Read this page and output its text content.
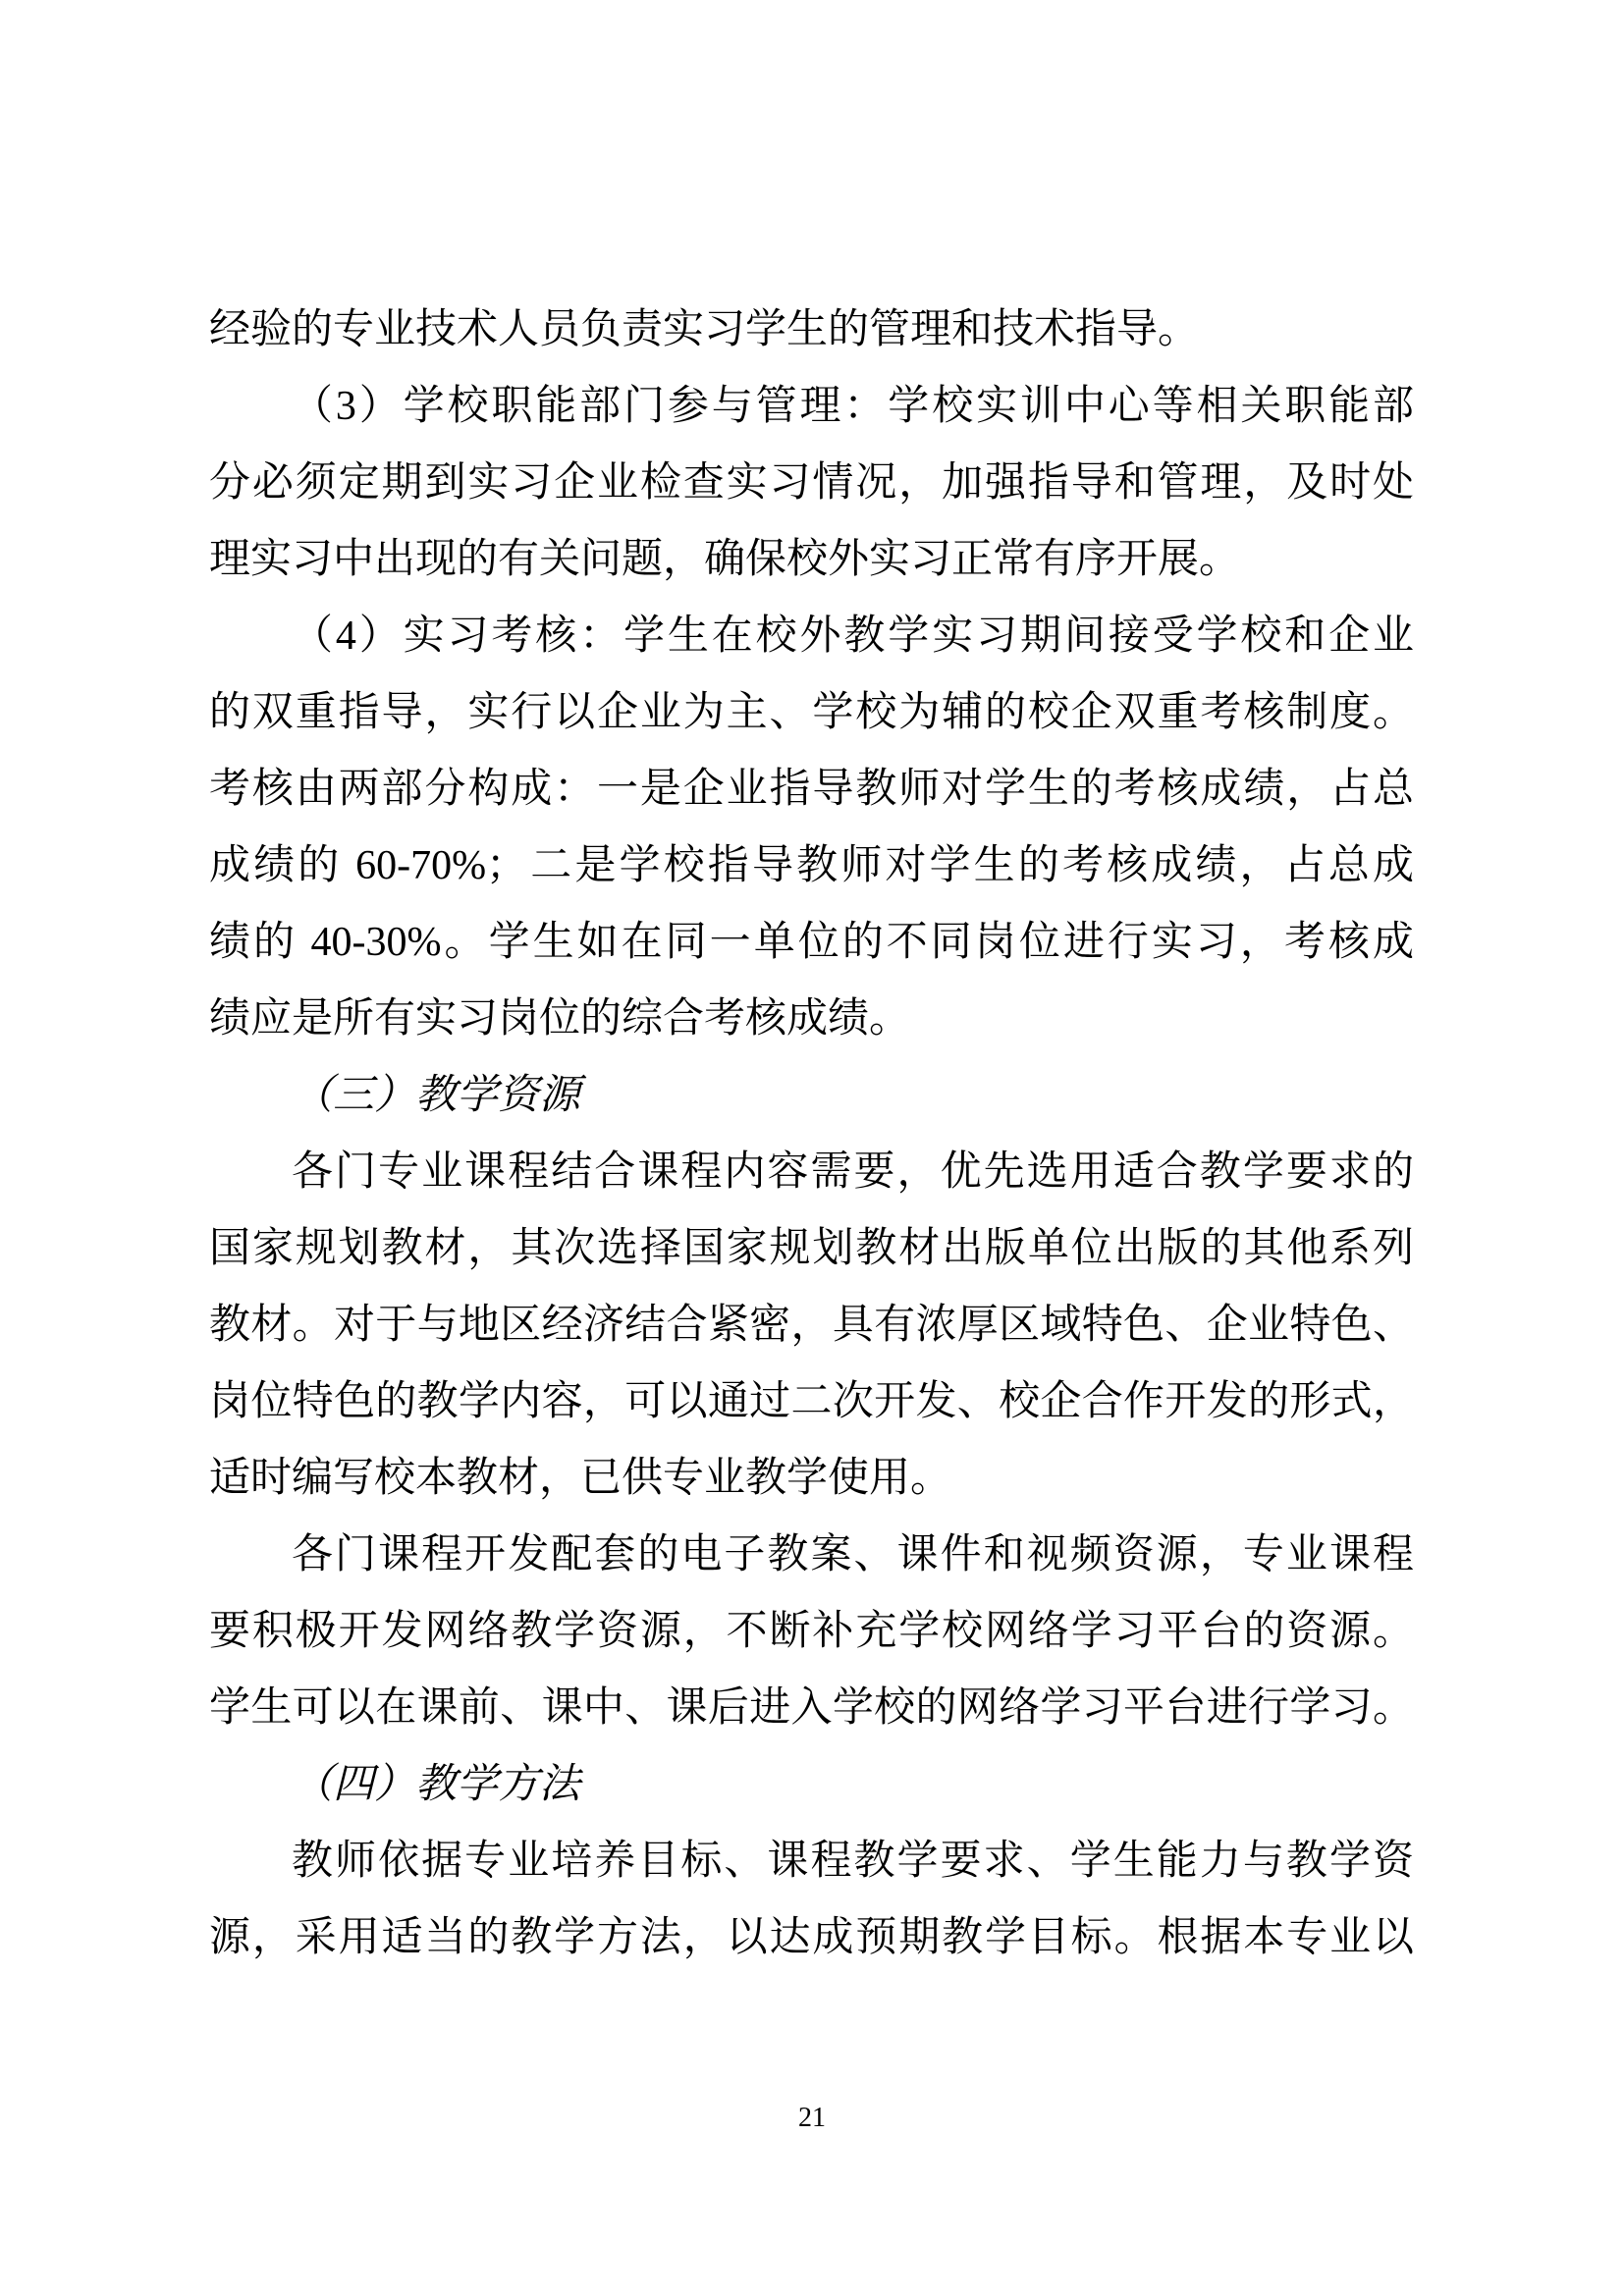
经验的专业技术人员负责实习学生的管理和技术指导。
（3）学校职能部门参与管理：学校实训中心等相关职能部
分必须定期到实习企业检查实习情况，加强指导和管理，及时处
理实习中出现的有关问题，确保校外实习正常有序开展。
（4）实习考核：学生在校外教学实习期间接受学校和企业
的双重指导，实行以企业为主、学校为辅的校企双重考核制度。
考核由两部分构成：一是企业指导教师对学生的考核成绩，占总
成绩的 60-70%；二是学校指导教师对学生的考核成绩，占总成
绩的 40-30%。学生如在同一单位的不同岗位进行实习，考核成
绩应是所有实习岗位的综合考核成绩。
（三）教学资源
各门专业课程结合课程内容需要，优先选用适合教学要求的
国家规划教材，其次选择国家规划教材出版单位出版的其他系列
教材。对于与地区经济结合紧密，具有浓厚区域特色、企业特色、
岗位特色的教学内容，可以通过二次开发、校企合作开发的形式，
适时编写校本教材，已供专业教学使用。
各门课程开发配套的电子教案、课件和视频资源，专业课程
要积极开发网络教学资源，不断补充学校网络学习平台的资源。
学生可以在课前、课中、课后进入学校的网络学习平台进行学习。
（四）教学方法
教师依据专业培养目标、课程教学要求、学生能力与教学资
源，采用适当的教学方法，以达成预期教学目标。根据本专业以
21
